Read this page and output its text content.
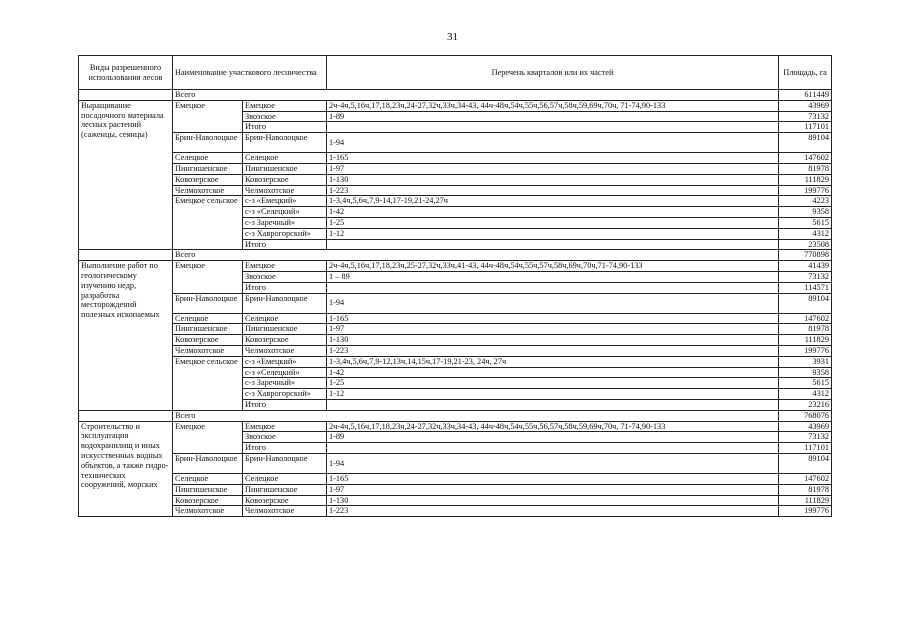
31
Виды разрешенного использования лесов	Наименование участкового лесничества		Перечень кварталов или их частей	Площадь, га
	Всего			611449
Выращивание посадочного материала лесных растений (саженцы, сеянцы)	Емецкое	Емецкое	2ч-4ч,5,16ч,17,18,23ч,24-27,32ч,33ч,34-43, 44ч-48ч,54ч,55ч,56,57ч,58ч,59,69ч,70ч, 71-74,90-133	43969
		Звозское	1-89	73132
		Итого		117101
	Брин-Наволоцкое	Брин-Наволоцкое	1-94	89104
	Селецкое	Селецкое	1-165	147602
	Пингишенское	Пингишенское	1-97	81978
	Ковозерское	Ковозерское	1-130	111829
	Челмохотское	Челмохотское	1-223	199776
	Емецкое сельское	с-з «Емецкий»	1-3,4ч,5,6ч,7,9-14,17-19,21-24,27ч	4223
		с-з «Селецкий»	1-42	9358
		с-з Заречный»	1-25	5615
		с-з Хаврогорский»	1-12	4312
		Итого		23508
	Всего			770898
Выполнение работ по геологическому изучению недр, разработка месторождений полезных ископаемых	Емецкое	Емецкое	2ч-4ч,5,16ч,17,18,23ч,25-27,32ч,33ч,41-43, 44ч-48ч,54ч,55ч,57ч,58ч,69ч,70ч,71-74,90-133	41439
		Звозское	1 – 89	73132
		Итого		114571
	Брин-Наволоцкое	Брин-Наволоцкое	1-94	89104
	Селецкое	Селецкое	1-165	147602
	Пингишенское	Пингишенское	1-97	81978
	Ковозерское	Ковозерское	1-130	111829
	Челмохотское	Челмохотское	1-223	199776
	Емецкое сельское	с-з «Емецкий»	1-3,4ч,5,6ч,7,9-12,13ч,14,15ч,17-19,21-23, 24ч, 27ч	3931
		с-з «Селецкий»	1-42	9358
		с-з Заречный»	1-25	5615
		с-з Хаврогорский»	1-12	4312
		Итого		23216
	Всего			768076
Строительство и эксплуатация водохранилищ и иных искусственных водных объектов, а также гидро-технических сооружений, морских	Емецкое	Емецкое	2ч-4ч,5,16ч,17,18,23ч,24-27,32ч,33ч,34-43, 44ч-48ч,54ч,55ч,56,57ч,58ч,59,69ч,70ч, 71-74,90-133	43969
		Звозское	1-89	73132
		Итого		117101
	Брин-Наволоцкое	Брин-Наволоцкое	1-94	89104
	Селецкое	Селецкое	1-165	147602
	Пингишенское	Пингишенское	1-97	81978
	Ковозерское	Ковозерское	1-130	111829
	Челмохотское	Челмохотское	1-223	199776
